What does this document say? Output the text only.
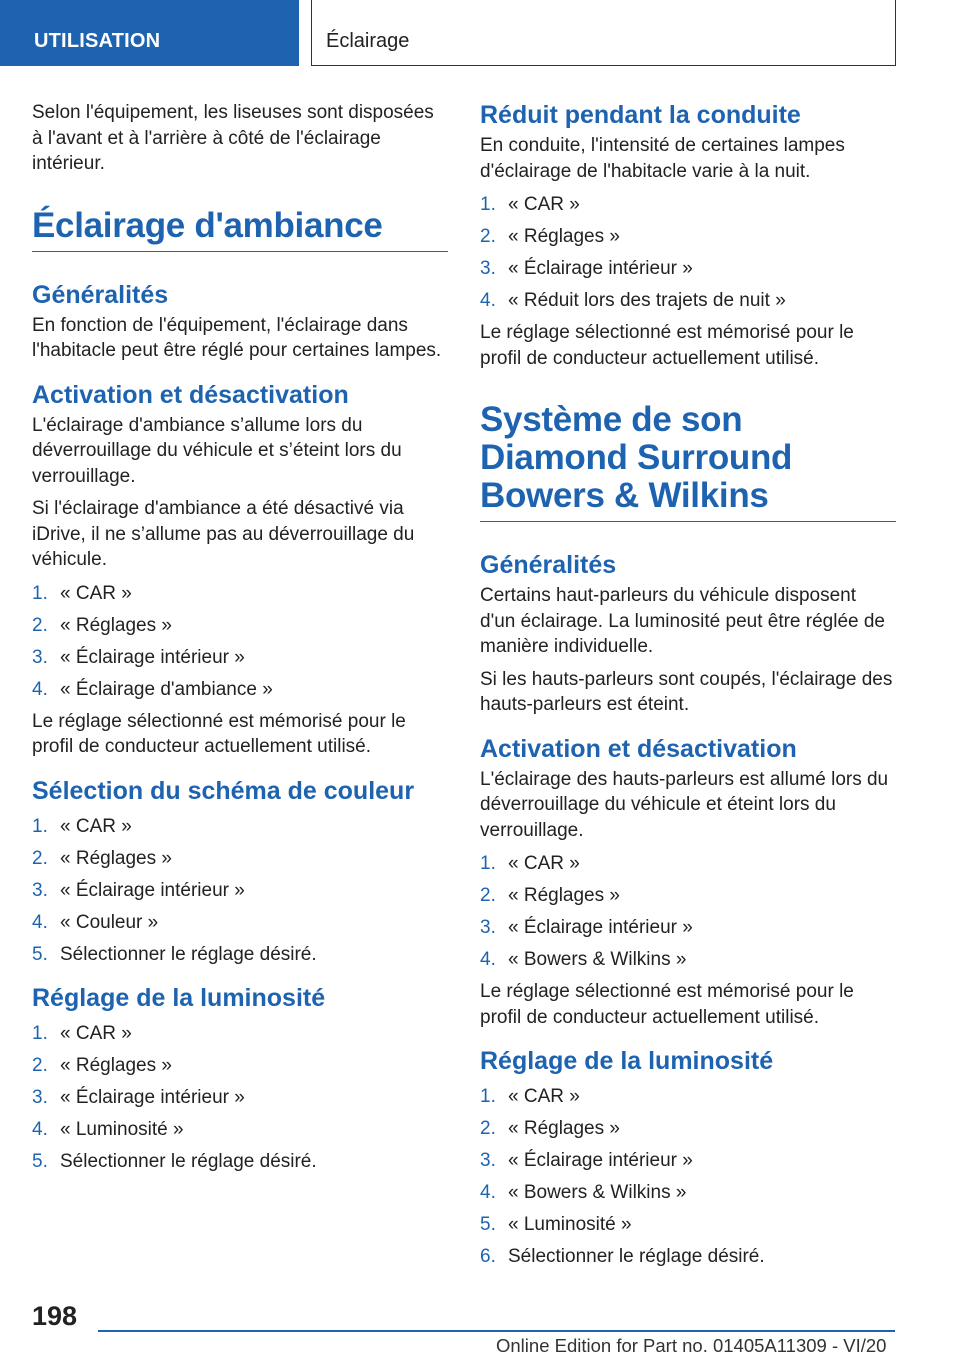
UTILISATION	Éclairage

Selon l'équipement, les liseuses sont disposées à l'avant et à l'arrière à côté de l'éclairage intérieur.

Éclairage d'ambiance
Généralités

En fonction de l'équipement, l'éclairage dans l'habitacle peut être réglé pour certaines lampes.

Activation et désactivation

L'éclairage d'ambiance s’allume lors du déverrouillage du véhicule et s’éteint lors du verrouillage.

Si l'éclairage d'ambiance a été désactivé via iDrive, il ne s’allume pas au déverrouillage du véhicule.

1. « CAR »
2. « Réglages »
3. « Éclairage intérieur »
4. « Éclairage d'ambiance »

Le réglage sélectionné est mémorisé pour le profil de conducteur actuellement utilisé.

Sélection du schéma de couleur
1. « CAR »
2. « Réglages »
3. « Éclairage intérieur »
4. « Couleur »
5. Sélectionner le réglage désiré.
Réglage de la luminosité
1. « CAR »
2. « Réglages »
3. « Éclairage intérieur »
4. « Luminosité »
5. Sélectionner le réglage désiré.
Réduit pendant la conduite

En conduite, l'intensité de certaines lampes d'éclairage de l'habitacle varie à la nuit.

1. « CAR »
2. « Réglages »
3. « Éclairage intérieur »
4. « Réduit lors des trajets de nuit »

Le réglage sélectionné est mémorisé pour le profil de conducteur actuellement utilisé.

Système de son Diamond Surround Bowers & Wilkins
Généralités

Certains haut-parleurs du véhicule disposent d'un éclairage. La luminosité peut être réglée de manière individuelle.

Si les hauts-parleurs sont coupés, l'éclairage des hauts-parleurs est éteint.

Activation et désactivation

L'éclairage des hauts-parleurs est allumé lors du déverrouillage du véhicule et éteint lors du verrouillage.

1. « CAR »
2. « Réglages »
3. « Éclairage intérieur »
4. « Bowers & Wilkins »

Le réglage sélectionné est mémorisé pour le profil de conducteur actuellement utilisé.

Réglage de la luminosité
1. « CAR »
2. « Réglages »
3. « Éclairage intérieur »
4. « Bowers & Wilkins »
5. « Luminosité »
6. Sélectionner le réglage désiré.
198
Online Edition for Part no. 01405A11309 - VI/20
